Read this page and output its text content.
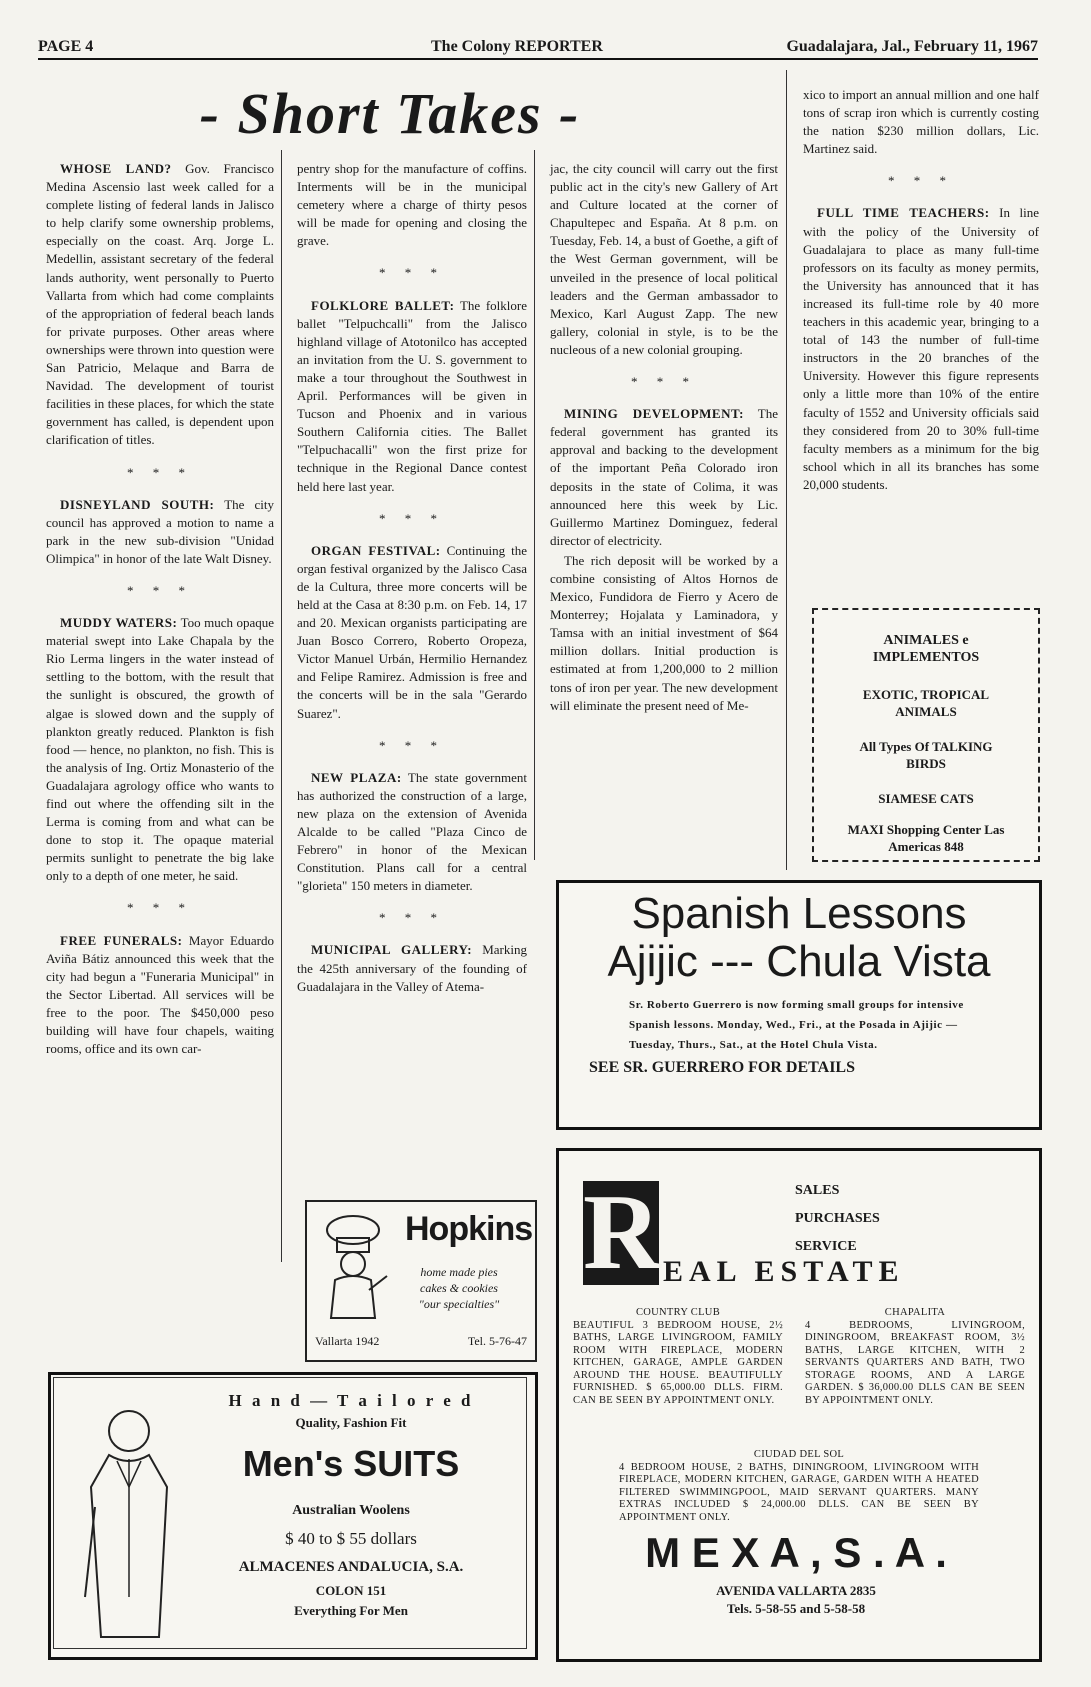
PAGE 4	The Colony REPORTER	Guadalajara, Jal., February 11, 1967
- Short Takes -

WHOSE LAND? Gov. Francisco Medina Ascensio last week called for a complete listing of federal lands in Jalisco to help clarify some ownership problems, especially on the coast. Arq. Jorge L. Medellin, assistant secretary of the federal lands authority, went personally to Puerto Vallarta from which had come complaints of the appropriation of federal beach lands for private purposes. Other areas where ownerships were thrown into question were San Patricio, Melaque and Barra de Navidad. The development of tourist facilities in these places, for which the state government has called, is dependent upon clarification of titles.

* * *

DISNEYLAND SOUTH: The city council has approved a motion to name a park in the new sub-division "Unidad Olimpica" in honor of the late Walt Disney.

* * *

MUDDY WATERS: Too much opaque material swept into Lake Chapala by the Rio Lerma lingers in the water instead of settling to the bottom, with the result that the sunlight is obscured, the growth of algae is slowed down and the supply of plankton greatly reduced. Plankton is fish food — hence, no plankton, no fish. This is the analysis of Ing. Ortiz Monasterio of the Guadalajara agrology office who wants to find out where the offending silt in the Lerma is coming from and what can be done to stop it. The opaque material permits sunlight to penetrate the big lake only to a depth of one meter, he said.

* * *

FREE FUNERALS: Mayor Eduardo Aviña Bátiz announced this week that the city had begun a "Funeraria Municipal" in the Sector Libertad. All services will be free to the poor. The $450,000 peso building will have four chapels, waiting rooms, office and its own car-

pentry shop for the manufacture of coffins. Interments will be in the municipal cemetery where a charge of thirty pesos will be made for opening and closing the grave.

* * *

FOLKLORE BALLET: The folklore ballet "Telpuchcalli" from the Jalisco highland village of Atotonilco has accepted an invitation from the U. S. government to make a tour throughout the Southwest in April. Performances will be given in Tucson and Phoenix and in various Southern California cities. The Ballet "Telpuchacalli" won the first prize for technique in the Regional Dance contest held here last year.

* * *

ORGAN FESTIVAL: Continuing the organ festival organized by the Jalisco Casa de la Cultura, three more concerts will be held at the Casa at 8:30 p.m. on Feb. 14, 17 and 20. Mexican organists participating are Juan Bosco Correro, Roberto Oropeza, Victor Manuel Urbán, Hermilio Hernandez and Felipe Ramirez. Admission is free and the concerts will be in the sala "Gerardo Suarez".

* * *

NEW PLAZA: The state government has authorized the construction of a large, new plaza on the extension of Avenida Alcalde to be called "Plaza Cinco de Febrero" in honor of the Mexican Constitution. Plans call for a central "glorieta" 150 meters in diameter.

* * *

MUNICIPAL GALLERY: Marking the 425th anniversary of the founding of Guadalajara in the Valley of Atema-

jac, the city council will carry out the first public act in the city's new Gallery of Art and Culture located at the corner of Chapultepec and España. At 8 p.m. on Tuesday, Feb. 14, a bust of Goethe, a gift of the West German government, will be unveiled in the presence of local political leaders and the German ambassador to Mexico, Karl August Zapp. The new gallery, colonial in style, is to be the nucleous of a new colonial grouping.

* * *

MINING DEVELOPMENT: The federal government has granted its approval and backing to the development of the important Peña Colorado iron deposits in the state of Colima, it was announced here this week by Lic. Guillermo Martinez Dominguez, federal director of electricity.

The rich deposit will be worked by a combine consisting of Altos Hornos de Mexico, Fundidora de Fierro y Acero de Monterrey; Hojalata y Laminadora, y Tamsa with an initial investment of $64 million dollars. Initial production is estimated at from 1,200,000 to 2 million tons of iron per year. The new development will eliminate the present need of Me-

xico to import an annual million and one half tons of scrap iron which is currently costing the nation $230 million dollars, Lic. Martinez said.

* * *

FULL TIME TEACHERS: In line with the policy of the University of Guadalajara to place as many full-time professors on its faculty as money permits, the University has announced that it has increased its full-time role by 40 more teachers in this academic year, bringing to a total of 143 the number of full-time instructors in the 20 branches of the University. However this figure represents only a little more than 10% of the entire faculty of 1552 and University officials said they considered from 20 to 30% full-time faculty members as a minimum for the big school which in all its branches has some 20,000 students.

ANIMALES e IMPLEMENTOS
EXOTIC, TROPICAL ANIMALS
All Types Of TALKING BIRDS
SIAMESE CATS
MAXI Shopping Center Las Americas 848
Spanish Lessons
Ajijic --- Chula Vista
Sr. Roberto Guerrero is now forming small groups for intensive Spanish lessons. Monday, Wed., Fri., at the Posada in Ajijic — Tuesday, Thurs., Sat., at the Hotel Chula Vista.
SEE SR. GUERRERO FOR DETAILS
Hopkins
home made pies
cakes & cookies
"our specialties"
Vallarta 1942	Tel. 5-76-47
H a n d — T a i l o r e d
Quality, Fashion Fit
Men's SUITS
Australian Woolens
$ 40 to $ 55 dollars
ALMACENES ANDALUCIA, S.A.
COLON 151
Everything For Men
R	SALES
PURCHASES
SERVICE
EAL ESTATE
COUNTRY CLUB
BEAUTIFUL 3 BEDROOM HOUSE, 2½ BATHS, LARGE LIVINGROOM, FAMILY ROOM WITH FIREPLACE, MODERN KITCHEN, GARAGE, AMPLE GARDEN AROUND THE HOUSE. BEAUTIFULLY FURNISHED. $ 65,000.00 DLLS. FIRM. CAN BE SEEN BY APPOINTMENT ONLY.
CHAPALITA
4 BEDROOMS, LIVINGROOM, DININGROOM, BREAKFAST ROOM, 3½ BATHS, LARGE KITCHEN, WITH 2 SERVANTS QUARTERS AND BATH, TWO STORAGE ROOMS, AND A LARGE GARDEN. $ 36,000.00 DLLS CAN BE SEEN BY APPOINTMENT ONLY.
CIUDAD DEL SOL
4 BEDROOM HOUSE, 2 BATHS, DININGROOM, LIVINGROOM WITH FIREPLACE, MODERN KITCHEN, GARAGE, GARDEN WITH A HEATED FILTERED SWIMMINGPOOL, MAID SERVANT QUARTERS. MANY EXTRAS INCLUDED $ 24,000.00 DLLS. CAN BE SEEN BY APPOINTMENT ONLY.
M E X A , S . A .
AVENIDA VALLARTA 2835
Tels. 5-58-55 and 5-58-58
